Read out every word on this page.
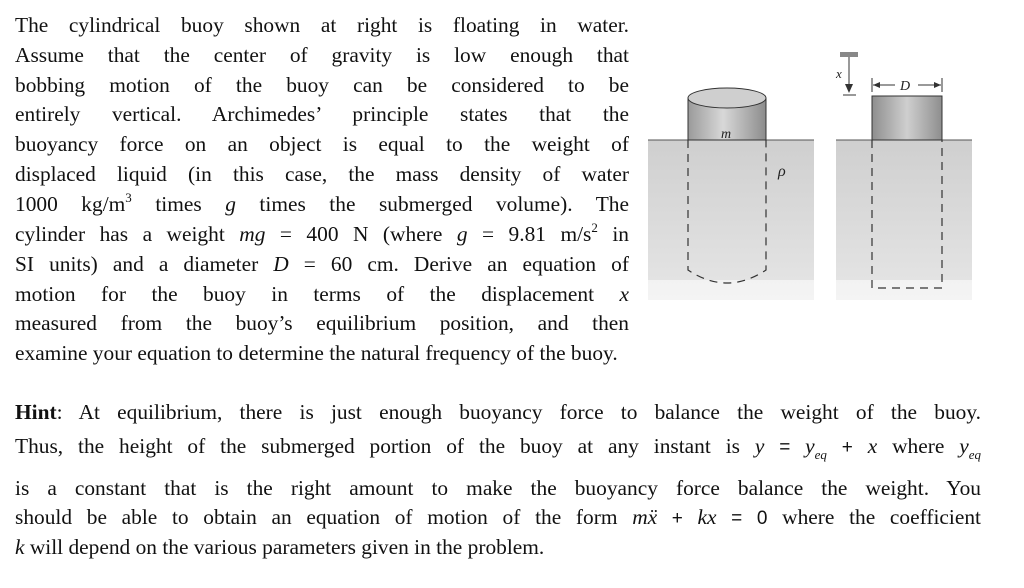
The cylindrical buoy shown at right is floating in water.
Assume that the center of gravity is low enough that
bobbing motion of the buoy can be considered to be
entirely vertical. Archimedes’ principle states that the
buoyancy force on an object is equal to the weight of
displaced liquid (in this case, the mass density of water
1000 $kg/m^3$ times g times the submerged volume). The
cylinder has a weight mg = 400 N (where g = 9.81 $m/s^2$ in
SI units) and a diameter D = 60 cm. Derive an equation of
motion for the buoy in terms of the displacement x
measured from the buoy’s equilibrium position, and then
examine your equation to determine the natural frequency of the buoy.
Hint: At equilibrium, there is just enough buoyancy force to balance the weight of the buoy.
Thus, the height of the submerged portion of the buoy at any instant is $y = y_{eq} + x$ where $y_{eq}$
is a constant that is the right amount to make the buoyancy force balance the weight. You
should be able to obtain an equation of motion of the form mẍ + kx = 0 where the coefficient
k will depend on the various parameters given in the problem.
m
ρ
x
D
